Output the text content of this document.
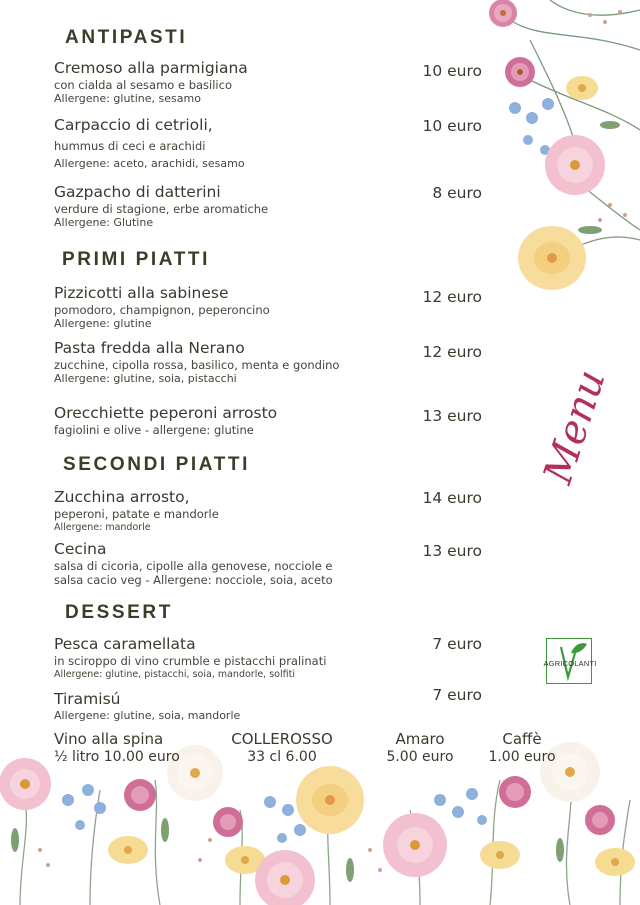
ANTIPASTI
Cremoso alla parmigiana
con cialda al sesamo e basilico
Allergene: glutine, sesamo
10 euro
Carpaccio di cetrioli,
hummus di ceci e arachidi
Allergene: aceto, arachidi, sesamo
10 euro
Gazpacho di datterini
verdure di stagione, erbe aromatiche
Allergene: Glutine
8 euro
PRIMI PIATTI
Pizzicotti alla sabinese
pomodoro, champignon, peperoncino
Allergene: glutine
12 euro
Pasta fredda alla Nerano
zucchine, cipolla rossa, basilico, menta e gondino
Allergene: glutine, soia, pistacchi
12 euro
Orecchiette peperoni arrosto
fagiolini e olive - allergene: glutine
13 euro
SECONDI PIATTI
Zucchina arrosto,
peperoni, patate e mandorle
Allergene: mandorle
14 euro
Cecina
salsa di cicoria, cipolle alla genovese, nocciole e
salsa cacio veg - Allergene: nocciole, soia, aceto
13 euro
DESSERT
Pesca caramellata
in sciroppo di vino crumble e pistacchi pralinati
Allergene: glutine, pistacchi, soia, mandorle, solfiti
7 euro
Tiramisú
Allergene: glutine, soia, mandorle
7 euro
Vino alla spina
½ litro 10.00 euro
COLLEROSSO
33 cl 6.00
Amaro
5.00 euro
Caffè
1.00 euro
Menu
AGRICOLANTI
